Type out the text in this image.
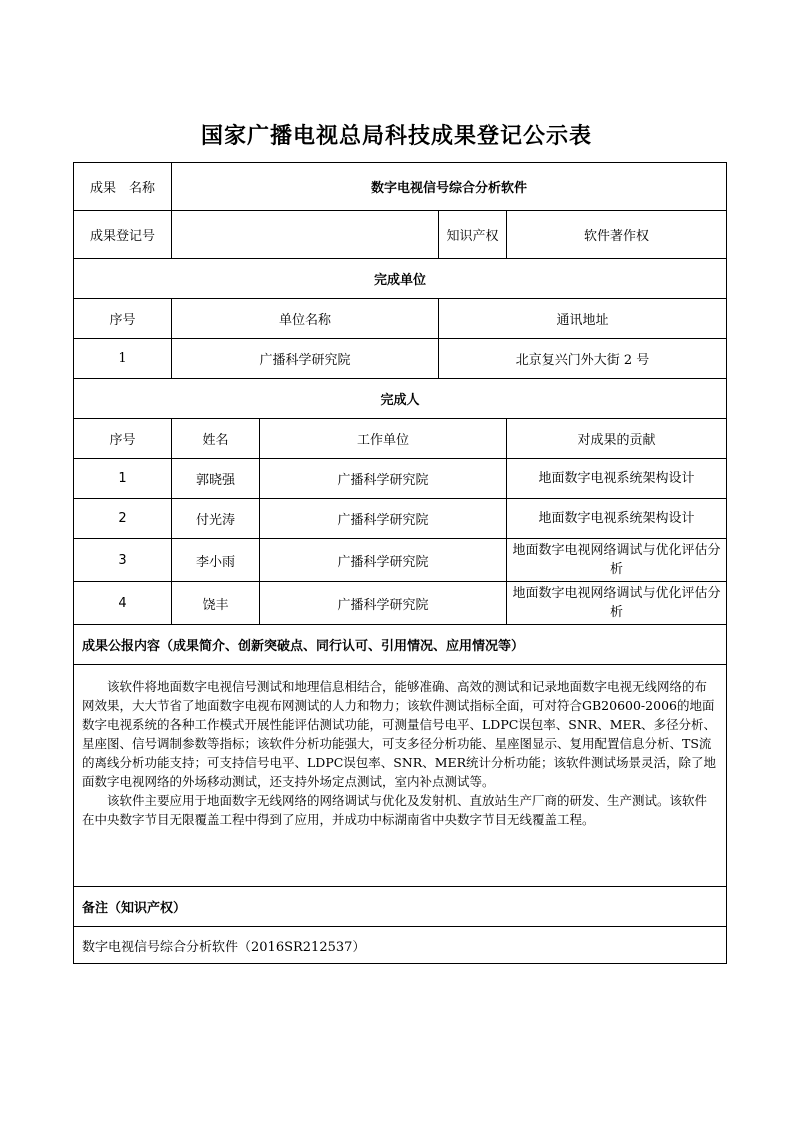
国家广播电视总局科技成果登记公示表
成果　名称	数字电视信号综合分析软件			
成果登记号			知识产权	软件著作权
完成单位				
序号	单位名称		通讯地址	
1	广播科学研究院		北京复兴门外大街 2 号	
完成人				
序号	姓名	工作单位		对成果的贡献
1	郭晓强	广播科学研究院		地面数字电视系统架构设计
2	付光涛	广播科学研究院		地面数字电视系统架构设计
3	李小雨	广播科学研究院		地面数字电视网络调试与优化评估分析
4	饶丰	广播科学研究院		地面数字电视网络调试与优化评估分析
成果公报内容（成果简介、创新突破点、同行认可、引用情况、应用情况等）				

该软件将地面数字电视信号测试和地理信息相结合，能够准确、高效的测试和记录地面数字电视无线网络的布网效果，大大节省了地面数字电视布网测试的人力和物力；该软件测试指标全面，可对符合GB20600-2006的地面数字电视系统的各种工作模式开展性能评估测试功能，可测量信号电平、LDPC误包率、SNR、MER、多径分析、星座图、信号调制参数等指标；该软件分析功能强大，可支多径分析功能、星座图显示、复用配置信息分析、TS流的离线分析功能支持；可支持信号电平、LDPC误包率、SNR、MER统计分析功能；该软件测试场景灵活，除了地面数字电视网络的外场移动测试，还支持外场定点测试，室内补点测试等。

该软件主要应用于地面数字无线网络的网络调试与优化及发射机、直放站生产厂商的研发、生产测试。该软件在中央数字节目无限覆盖工程中得到了应用，并成功中标湖南省中央数字节目无线覆盖工程。				

备注（知识产权）				
数字电视信号综合分析软件（2016SR212537）				
